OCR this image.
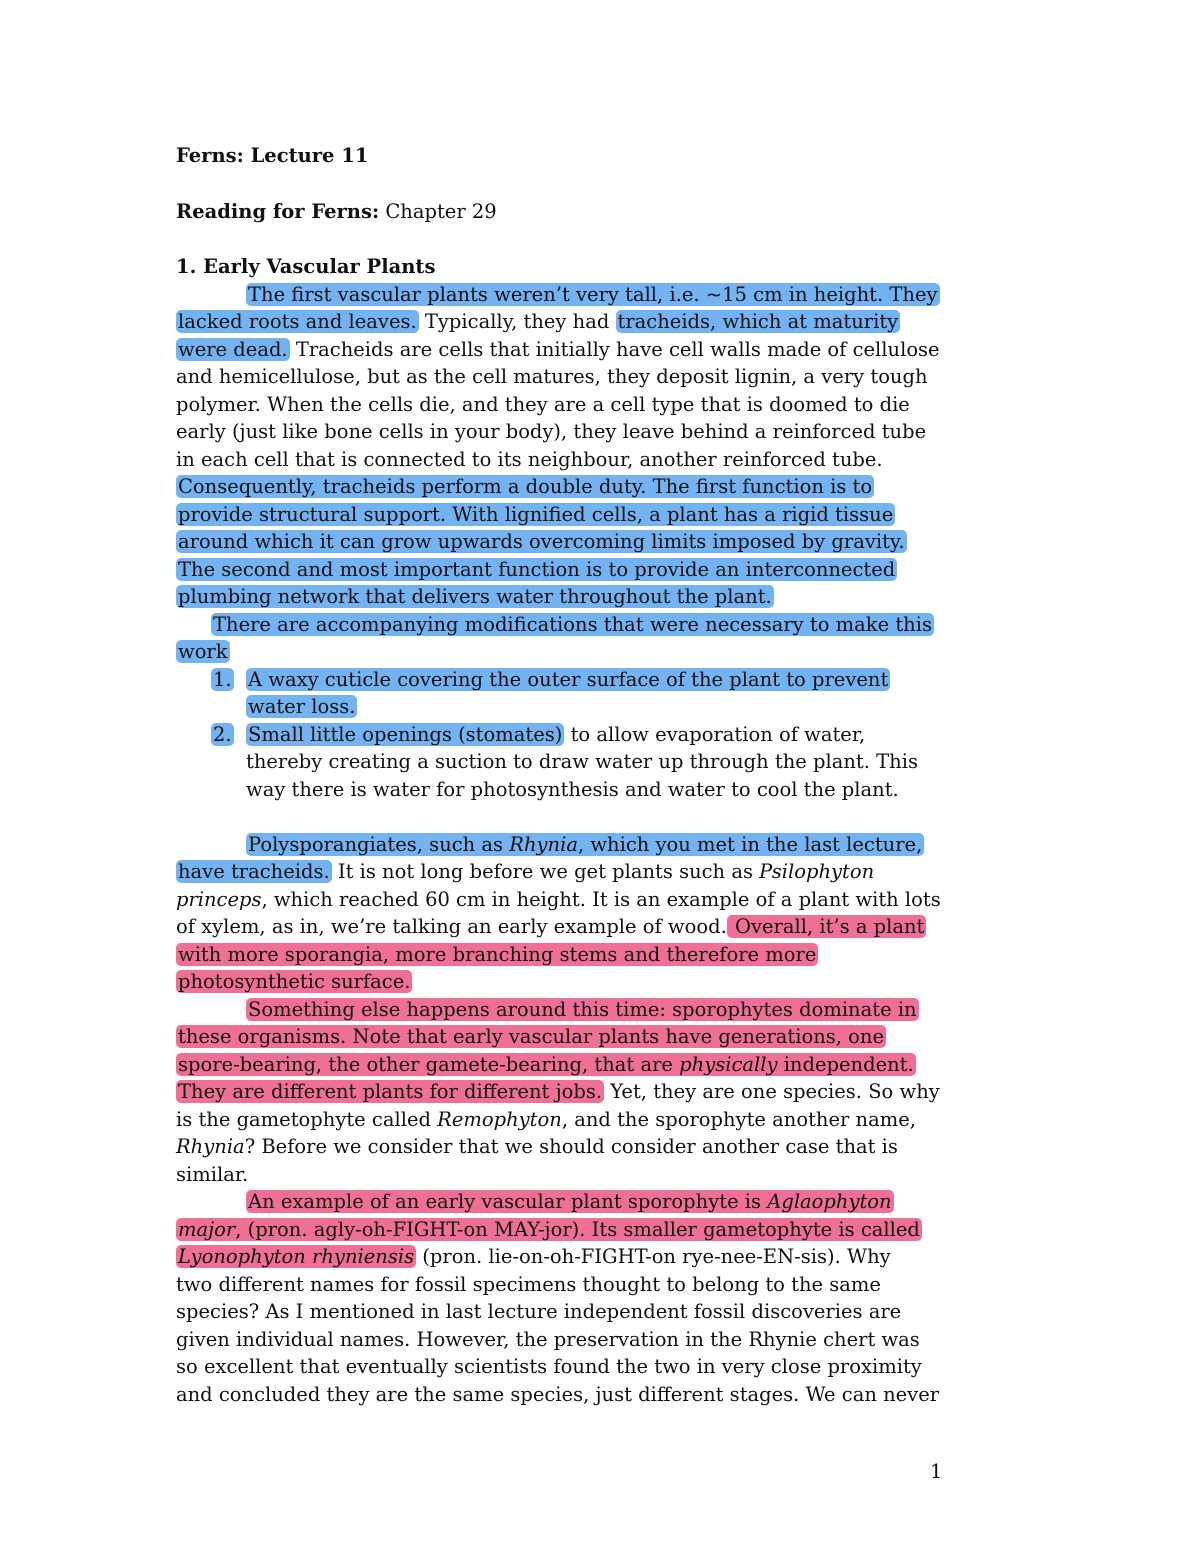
Ferns: Lecture 11
Reading for Ferns: Chapter 29
1. Early Vascular Plants
The first vascular plants weren’t very tall, i.e. ~15 cm in height. They
lacked roots and leaves. Typically, they had tracheids, which at maturity
were dead. Tracheids are cells that initially have cell walls made of cellulose
and hemicellulose, but as the cell matures, they deposit lignin, a very tough
polymer. When the cells die, and they are a cell type that is doomed to die
early (just like bone cells in your body), they leave behind a reinforced tube
in each cell that is connected to its neighbour, another reinforced tube.
Consequently, tracheids perform a double duty. The first function is to
provide structural support. With lignified cells, a plant has a rigid tissue
around which it can grow upwards overcoming limits imposed by gravity.
The second and most important function is to provide an interconnected
plumbing network that delivers water throughout the plant.
There are accompanying modifications that were necessary to make this
work
1. A waxy cuticle covering the outer surface of the plant to prevent
water loss.
2. Small little openings (stomates) to allow evaporation of water,
thereby creating a suction to draw water up through the plant. This
way there is water for photosynthesis and water to cool the plant.
Polysporangiates, such as Rhynia, which you met in the last lecture,
have tracheids. It is not long before we get plants such as Psilophyton
princeps, which reached 60 cm in height. It is an example of a plant with lots
of xylem, as in, we’re talking an early example of wood. Overall, it’s a plant
with more sporangia, more branching stems and therefore more
photosynthetic surface.
Something else happens around this time: sporophytes dominate in
these organisms. Note that early vascular plants have generations, one
spore-bearing, the other gamete-bearing, that are physically independent.
They are different plants for different jobs. Yet, they are one species. So why
is the gametophyte called Remophyton, and the sporophyte another name,
Rhynia? Before we consider that we should consider another case that is
similar.
An example of an early vascular plant sporophyte is Aglaophyton
major, (pron. agly-oh-FIGHT-on MAY-jor). Its smaller gametophyte is called
Lyonophyton rhyniensis (pron. lie-on-oh-FIGHT-on rye-nee-EN-sis). Why
two different names for fossil specimens thought to belong to the same
species? As I mentioned in last lecture independent fossil discoveries are
given individual names. However, the preservation in the Rhynie chert was
so excellent that eventually scientists found the two in very close proximity
and concluded they are the same species, just different stages. We can never
1
